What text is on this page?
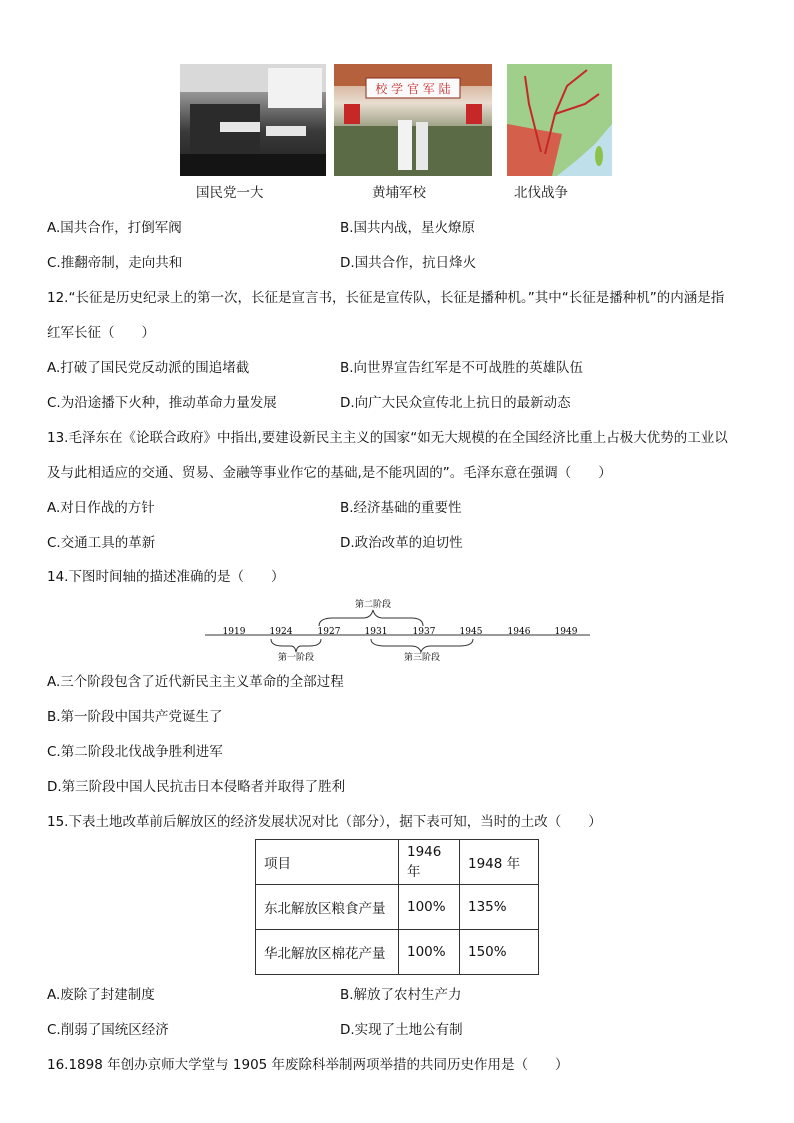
校 学 官 军 陆
国民党一大	黄埔军校	北伐战争
A.国共合作，打倒军阀	B.国共内战，星火燎原
C.推翻帝制，走向共和	D.国共合作，抗日烽火
12.“长征是历史纪录上的第一次，长征是宣言书，长征是宣传队，长征是播种机。”其中“长征是播种机”的内涵是指
红军长征（　　）
A.打破了国民党反动派的围追堵截	B.向世界宣告红军是不可战胜的英雄队伍
C.为沿途播下火种，推动革命力量发展	D.向广大民众宣传北上抗日的最新动态
13.毛泽东在《论联合政府》中指出,要建设新民主主义的国家“如无大规模的在全国经济比重上占极大优势的工业以
及与此相适应的交通、贸易、金融等事业作它的基础,是不能巩固的”。毛泽东意在强调（　　）
A.对日作战的方针	B.经济基础的重要性
C.交通工具的革新	D.政治改革的迫切性
14.下图时间轴的描述准确的是（　　）
1919	1924	1927	1931	1937	1945	1946	1949
第二阶段
第一阶段	第三阶段
A.三个阶段包含了近代新民主主义革命的全部过程
B.第一阶段中国共产党诞生了
C.第二阶段北伐战争胜利进军
D.第三阶段中国人民抗击日本侵略者并取得了胜利
15.下表土地改革前后解放区的经济发展状况对比（部分），据下表可知，当时的土改（　　）
项目	1946 年	1948 年
东北解放区粮食产量	100%	135%
华北解放区棉花产量	100%	150%
A.废除了封建制度	B.解放了农村生产力
C.削弱了国统区经济	D.实现了土地公有制
16.1898 年创办京师大学堂与 1905 年废除科举制两项举措的共同历史作用是（　　）
